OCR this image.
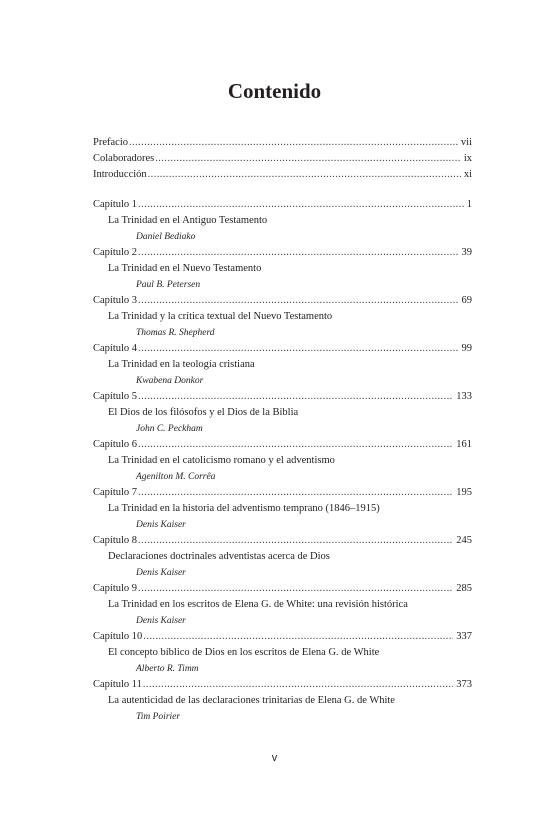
Contenido
Prefacio .....	vii
Colaboradores .....	ix
Introducción .....	xi
Capítulo 1 .....	1
La Trinidad en el Antiguo Testamento
Daniel Bediako
Capítulo 2 .....	39
La Trinidad en el Nuevo Testamento
Paul B. Petersen
Capítulo 3 .....	69
La Trinidad y la crítica textual del Nuevo Testamento
Thomas R. Shepherd
Capítulo 4 .....	99
La Trinidad en la teología cristiana
Kwabena Donkor
Capítulo 5 .....	133
El Dios de los filósofos y el Dios de la Biblia
John C. Peckham
Capítulo 6 .....	161
La Trinidad en el catolicismo romano y el adventismo
Agenilton M. Corrêa
Capítulo 7 .....	195
La Trinidad en la historia del adventismo temprano (1846–1915)
Denis Kaiser
Capítulo 8 .....	245
Declaraciones doctrinales adventistas acerca de Dios
Denis Kaiser
Capítulo 9 .....	285
La Trinidad en los escritos de Elena G. de White: una revisión histórica
Denis Kaiser
Capítulo 10 .....	337
El concepto bíblico de Dios en los escritos de Elena G. de White
Alberto R. Timm
Capítulo 11 .....	373
La autenticidad de las declaraciones trinitarias de Elena G. de White
Tim Poirier
v
